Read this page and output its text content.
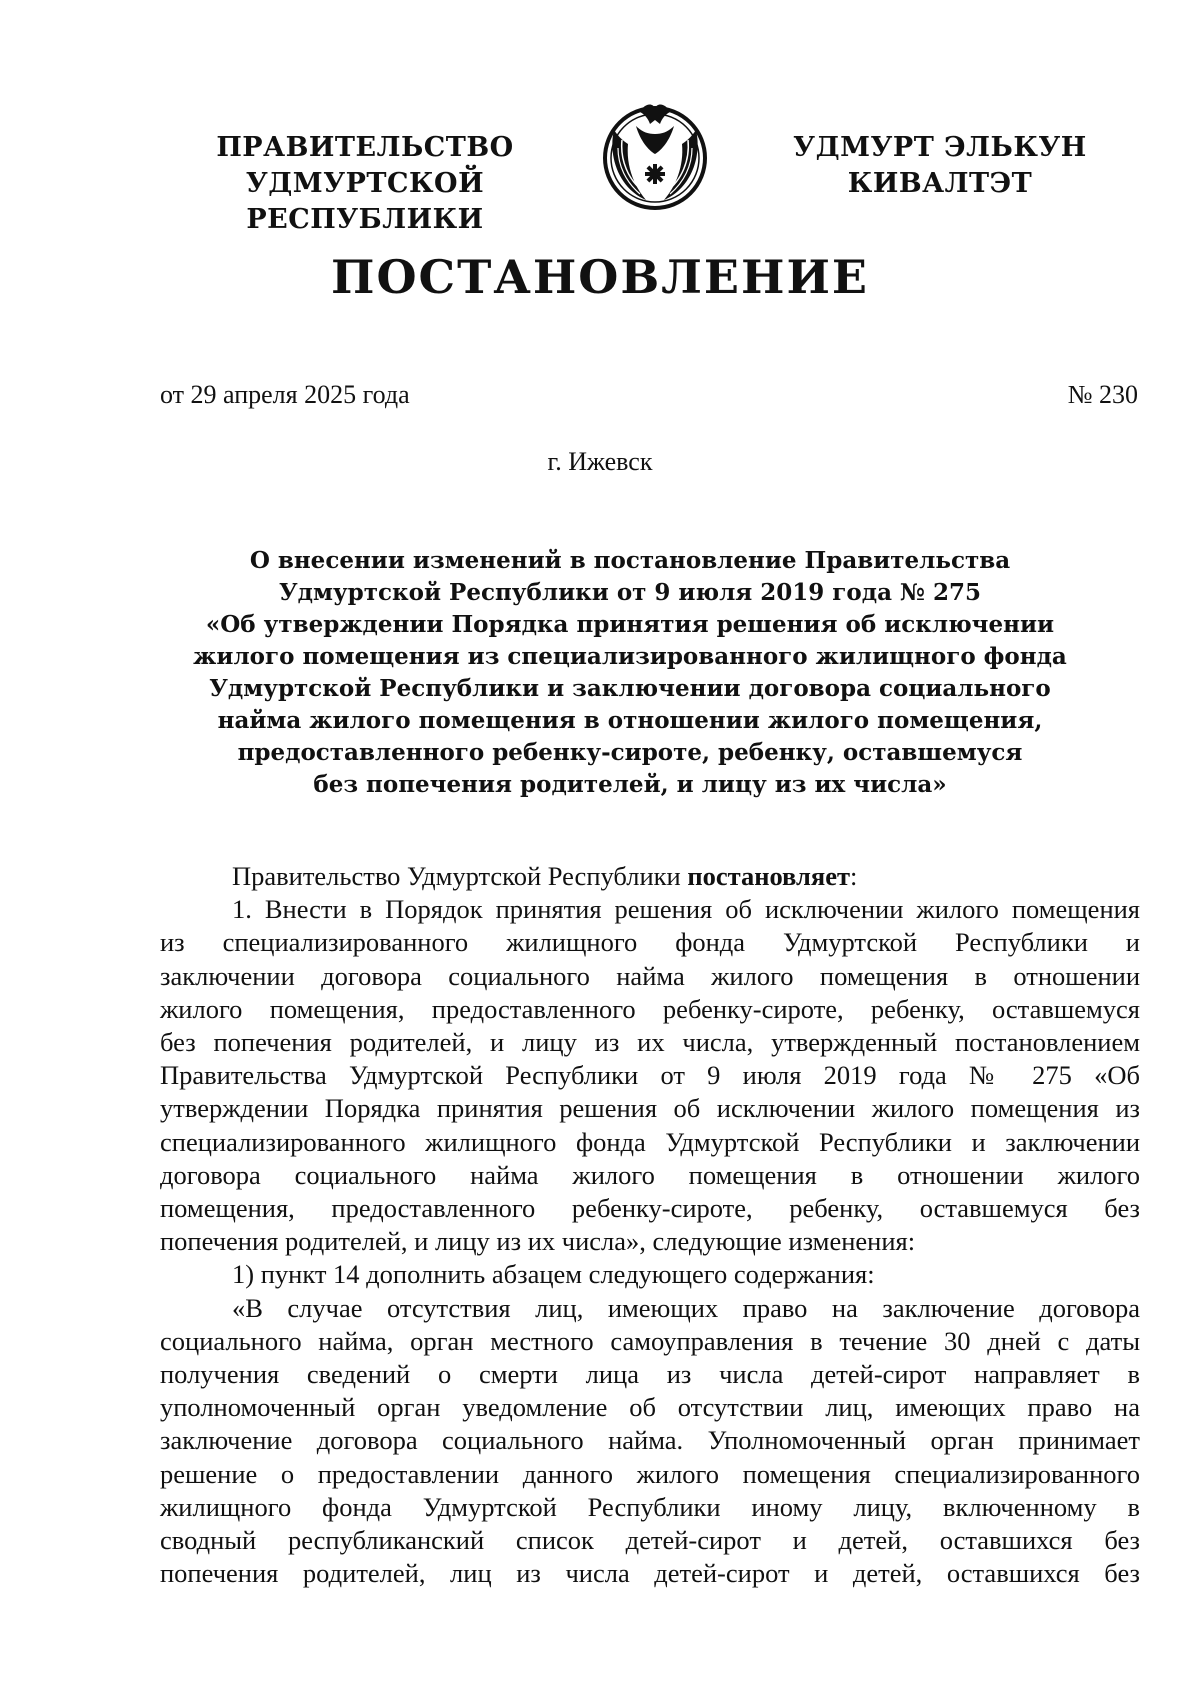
ПРАВИТЕЛЬСТВО
УДМУРТСКОЙ РЕСПУБЛИКИ
УДМУРТ ЭЛЬКУН
КИВАЛТЭТ
ПОСТАНОВЛЕНИЕ
от 29 апреля 2025 года	№ 230
г. Ижевск
О внесении изменений в постановление Правительства
Удмуртской Республики от 9 июля 2019 года № 275
«Об утверждении Порядка принятия решения об исключении
жилого помещения из специализированного жилищного фонда
Удмуртской Республики и заключении договора социального
найма жилого помещения в отношении жилого помещения,
предоставленного ребенку-сироте, ребенку, оставшемуся
без попечения родителей, и лицу из их числа»
Правительство Удмуртской Республики постановляет:
1. Внести в Порядок принятия решения об исключении жилого помещения
из специализированного жилищного фонда Удмуртской Республики и
заключении договора социального найма жилого помещения в отношении
жилого помещения, предоставленного ребенку-сироте, ребенку, оставшемуся
без попечения родителей, и лицу из их числа, утвержденный постановлением
Правительства Удмуртской Республики от 9 июля 2019 года № 275 «Об
утверждении Порядка принятия решения об исключении жилого помещения из
специализированного жилищного фонда Удмуртской Республики и заключении
договора социального найма жилого помещения в отношении жилого
помещения, предоставленного ребенку-сироте, ребенку, оставшемуся без
попечения родителей, и лицу из их числа», следующие изменения:
1) пункт 14 дополнить абзацем следующего содержания:
«В случае отсутствия лиц, имеющих право на заключение договора
социального найма, орган местного самоуправления в течение 30 дней с даты
получения сведений о смерти лица из числа детей-сирот направляет в
уполномоченный орган уведомление об отсутствии лиц, имеющих право на
заключение договора социального найма. Уполномоченный орган принимает
решение о предоставлении данного жилого помещения специализированного
жилищного фонда Удмуртской Республики иному лицу, включенному в
сводный республиканский список детей-сирот и детей, оставшихся без
попечения родителей, лиц из числа детей-сирот и детей, оставшихся без
